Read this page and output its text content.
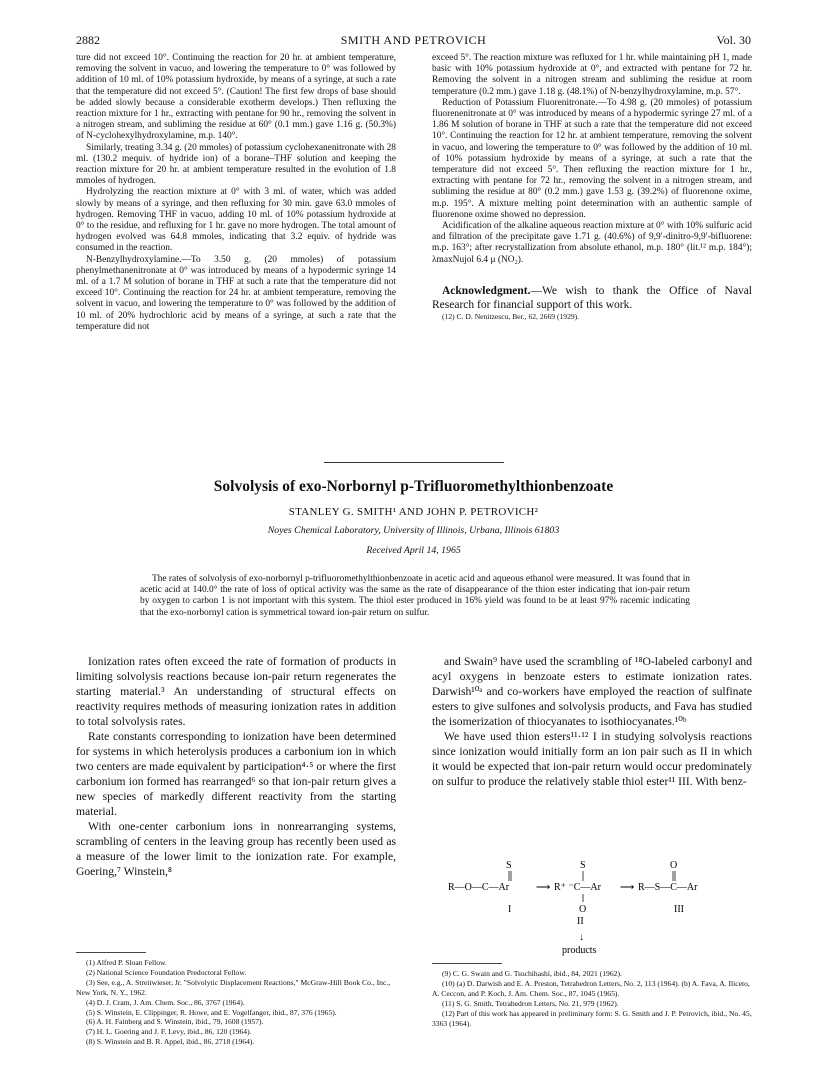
2882	SMITH AND PETROVICH	Vol. 30

ture did not exceed 10°. Continuing the reaction for 20 hr. at ambient temperature, removing the solvent in vacuo, and lowering the temperature to 0° was followed by addition of 10 ml. of 10% potassium hydroxide, by means of a syringe, at such a rate that the temperature did not exceed 5°. (Caution! The first few drops of base should be added slowly because a considerable exotherm develops.) Then refluxing the reaction mixture for 1 hr., extracting with pentane for 90 hr., removing the solvent in a nitrogen stream, and subliming the residue at 60° (0.1 mm.) gave 1.16 g. (50.3%) of N-cyclohexylhydroxylamine, m.p. 140°.

Similarly, treating 3.34 g. (20 mmoles) of potassium cyclohexanenitronate with 28 ml. (130.2 mequiv. of hydride ion) of a borane–THF solution and keeping the reaction mixture for 20 hr. at ambient temperature resulted in the evolution of 1.8 mmoles of hydrogen.

Hydrolyzing the reaction mixture at 0° with 3 ml. of water, which was added slowly by means of a syringe, and then refluxing for 30 min. gave 63.0 mmoles of hydrogen. Removing THF in vacuo, adding 10 ml. of 10% potassium hydroxide at 0° to the residue, and refluxing for 1 hr. gave no more hydrogen. The total amount of hydrogen evolved was 64.8 mmoles, indicating that 3.2 equiv. of hydride was consumed in the reaction.

N-Benzylhydroxylamine.—To 3.50 g. (20 mmoles) of potassium phenylmethanenitronate at 0° was introduced by means of a hypodermic syringe 14 ml. of a 1.7 M solution of borane in THF at such a rate that the temperature did not exceed 10°. Continuing the reaction for 24 hr. at ambient temperature, removing the solvent in vacuo, and lowering the temperature to 0° was followed by the addition of 10 ml. of 20% hydrochloric acid by means of a syringe, at such a rate that the temperature did not

exceed 5°. The reaction mixture was refluxed for 1 hr. while maintaining pH 1, made basic with 10% potassium hydroxide at 0°, and extracted with pentane for 72 hr. Removing the solvent in a nitrogen stream and subliming the residue at room temperature (0.2 mm.) gave 1.18 g. (48.1%) of N-benzylhydroxylamine, m.p. 57°.

Reduction of Potassium Fluorenitronate.—To 4.98 g. (20 mmoles) of potassium fluorenenitronate at 0° was introduced by means of a hypodermic syringe 27 ml. of a 1.86 M solution of borane in THF at such a rate that the temperature did not exceed 10°. Continuing the reaction for 12 hr. at ambient temperature, removing the solvent in vacuo, and lowering the temperature to 0° was followed by the addition of 10 ml. of 10% potassium hydroxide by means of a syringe, at such a rate that the temperature did not exceed 5°. Then refluxing the reaction mixture for 1 hr., extracting with pentane for 72 hr., removing the solvent in a nitrogen stream, and subliming the residue at 80° (0.2 mm.) gave 1.53 g. (39.2%) of fluorenone oxime, m.p. 195°. A mixture melting point determination with an authentic sample of fluorenone oxime showed no depression.

Acidification of the alkaline aqueous reaction mixture at 0° with 10% sulfuric acid and filtration of the precipitate gave 1.71 g. (40.6%) of 9,9′-dinitro-9,9′-bifluorene: m.p. 163°; after recrystallization from absolute ethanol, m.p. 180° (lit.¹² m.p. 184°); λmaxNujol 6.4 μ (NO₂).

Acknowledgment.—We wish to thank the Office of Naval Research for financial support of this work.

(12) C. D. Nenitzescu, Ber., 62, 2669 (1929).

Solvolysis of exo-Norbornyl p-Trifluoromethylthionbenzoate
STANLEY G. SMITH¹ AND JOHN P. PETROVICH²
Noyes Chemical Laboratory, University of Illinois, Urbana, Illinois 61803
Received April 14, 1965

The rates of solvolysis of exo-norbornyl p-trifluoromethylthionbenzoate in acetic acid and aqueous ethanol were measured. It was found that in acetic acid at 140.0° the rate of loss of optical activity was the same as the rate of disappearance of the thion ester indicating that ion-pair return by oxygen to carbon 1 is not important with this system. The thiol ester produced in 16% yield was found to be at least 97% racemic indicating that the exo-norbornyl cation is symmetrical toward ion-pair return on sulfur.

Ionization rates often exceed the rate of formation of products in limiting solvolysis reactions because ion-pair return regenerates the starting material.³ An understanding of structural effects on reactivity requires methods of measuring ionization rates in addition to total solvolysis rates.

Rate constants corresponding to ionization have been determined for systems in which heterolysis produces a carbonium ion in which two centers are made equivalent by participation⁴·⁵ or where the first carbonium ion formed has rearranged⁶ so that ion-pair return gives a new species of markedly different reactivity from the starting material.

With one-center carbonium ions in nonrearranging systems, scrambling of centers in the leaving group has recently been used as a measure of the lower limit to the ionization rate. For example, Goering,⁷ Winstein,⁸

and Swain⁹ have used the scrambling of ¹⁸O-labeled carbonyl and acyl oxygens in benzoate esters to estimate ionization rates. Darwish¹⁰ᵃ and co-workers have employed the reaction of sulfinate esters to give sulfones and solvolysis products, and Fava has studied the isomerization of thiocyanates to isothiocyanates.¹⁰ᵇ

We have used thion esters¹¹·¹² I in studying solvolysis reactions since ionization would initially form an ion pair such as II in which it would be expected that ion-pair return would occur predominately on sulfur to produce the relatively stable thiol ester¹¹ III. With benz-

S	S	O
R—O—C—Ar	⟶ R⁺ ⁻C—Ar ⟶ R—S—C—Ar
O
I	III
II
↓
products
(1) Alfred P. Sloan Fellow.
(2) National Science Foundation Predoctoral Fellow.
(3) See, e.g., A. Streitwieser, Jr. "Solvolytic Displacement Reactions," McGraw-Hill Book Co., Inc., New York, N. Y., 1962.
(4) D. J. Cram, J. Am. Chem. Soc., 86, 3767 (1964).
(5) S. Winstein, E. Clippinger, R. Howe, and E. Vogelfanger, ibid., 87, 376 (1965).
(6) A. H. Fainberg and S. Winstein, ibid., 79, 1608 (1957).
(7) H. L. Goering and J. F. Levy, ibid., 86, 120 (1964).
(8) S. Winstein and B. R. Appel, ibid., 86, 2718 (1964).
(9) C. G. Swain and G. Tsuchihashi, ibid., 84, 2021 (1962).
(10) (a) D. Darwish and E. A. Preston, Tetrahedron Letters, No. 2, 113 (1964). (b) A. Fava, A. Iliceto, A. Ceccon, and P. Koch, J. Am. Chem. Soc., 87, 1045 (1965).
(11) S. G. Smith, Tetrahedron Letters, No. 21, 979 (1962).
(12) Part of this work has appeared in preliminary form: S. G. Smith and J. P. Petrovich, ibid., No. 45, 3363 (1964).
